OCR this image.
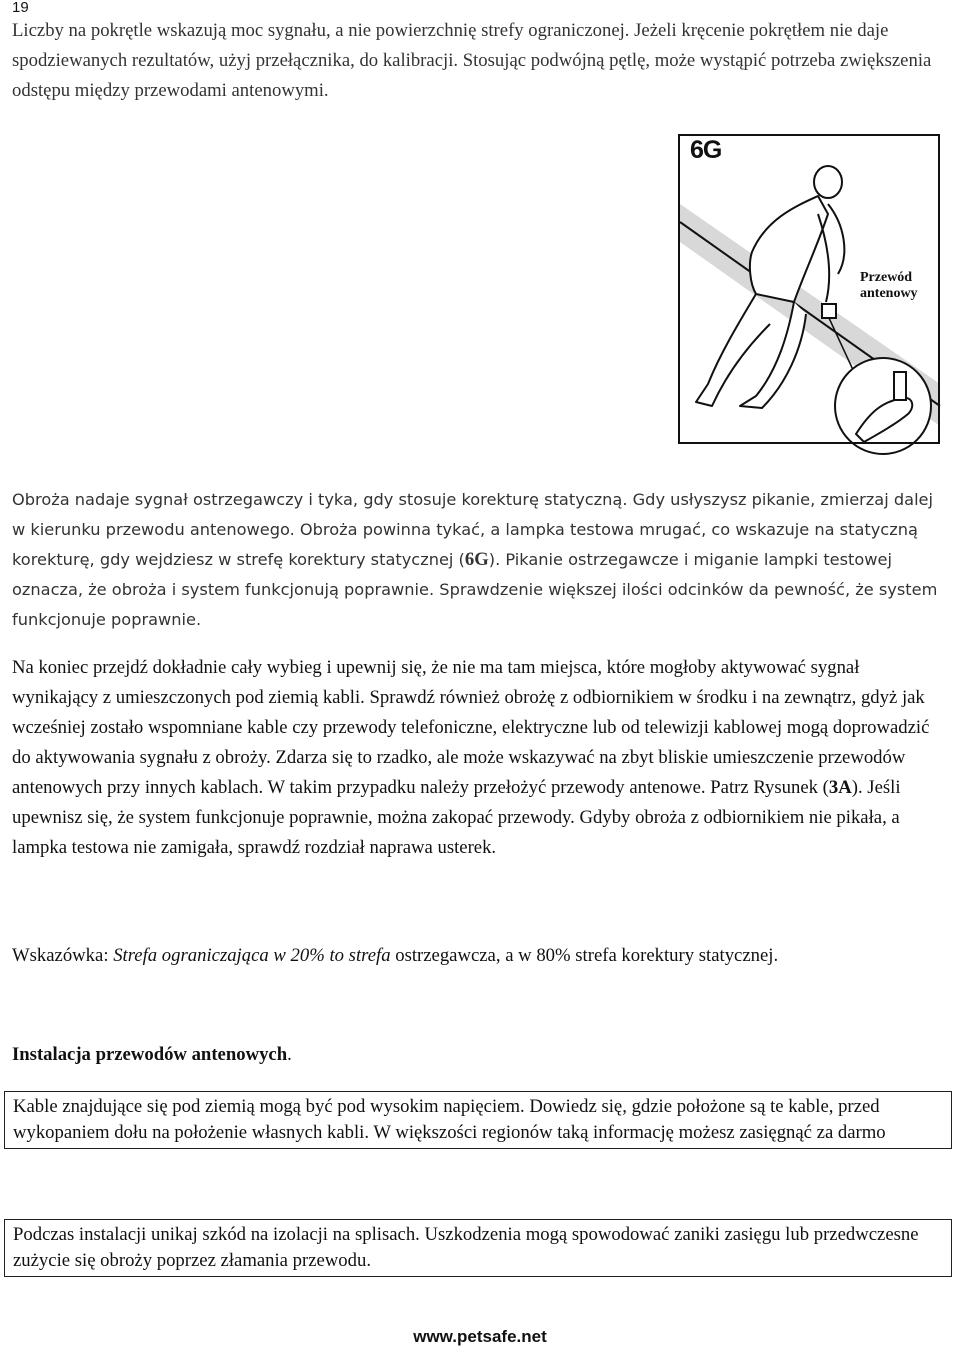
19

Liczby na pokrętle wskazują moc sygnału, a nie powierzchnię strefy ograniczonej. Jeżeli kręcenie pokrętłem nie daje spodziewanych rezultatów, użyj przełącznika, do kalibracji. Stosując podwójną pętlę, może wystąpić potrzeba zwiększenia odstępu między przewodami antenowymi.

6G
Przewód
antenowy

Obroża nadaje sygnał ostrzegawczy i tyka, gdy stosuje korekturę statyczną. Gdy usłyszysz pikanie, zmierzaj dalej w kierunku przewodu antenowego. Obroża powinna tykać, a lampka testowa mrugać, co wskazuje na statyczną korekturę, gdy wejdziesz w strefę korektury statycznej (6G). Pikanie ostrzegawcze i miganie lampki testowej oznacza, że obroża i system funkcjonują poprawnie. Sprawdzenie większej ilości odcinków da pewność, że system funkcjonuje poprawnie.

Na koniec przejdź dokładnie cały wybieg i upewnij się, że nie ma tam miejsca, które mogłoby aktywować sygnał wynikający z umieszczonych pod ziemią kabli. Sprawdź również obrożę z odbiornikiem w środku i na zewnątrz, gdyż jak wcześniej zostało wspomniane kable czy przewody telefoniczne, elektryczne lub od telewizji kablowej mogą doprowadzić do aktywowania sygnału z obroży. Zdarza się to rzadko, ale może wskazywać na zbyt bliskie umieszczenie przewodów antenowych przy innych kablach. W takim przypadku należy przełożyć przewody antenowe. Patrz Rysunek (3A). Jeśli upewnisz się, że system funkcjonuje poprawnie, można zakopać przewody. Gdyby obroża z odbiornikiem nie pikała, a lampka testowa nie zamigała, sprawdź rozdział naprawa usterek.

Wskazówka: Strefa ograniczająca w 20% to strefa ostrzegawcza, a w 80% strefa korektury statycznej.

Instalacja przewodów antenowych.

Kable znajdujące się pod ziemią mogą być pod wysokim napięciem. Dowiedz się, gdzie położone są te kable, przed wykopaniem dołu na położenie własnych kabli. W większości regionów taką informację możesz zasięgnąć za darmo

Podczas instalacji unikaj szkód na izolacji na splisach. Uszkodzenia mogą spowodować zaniki zasięgu lub przedwczesne zużycie się obroży poprzez złamania przewodu.

www.petsafe.net
